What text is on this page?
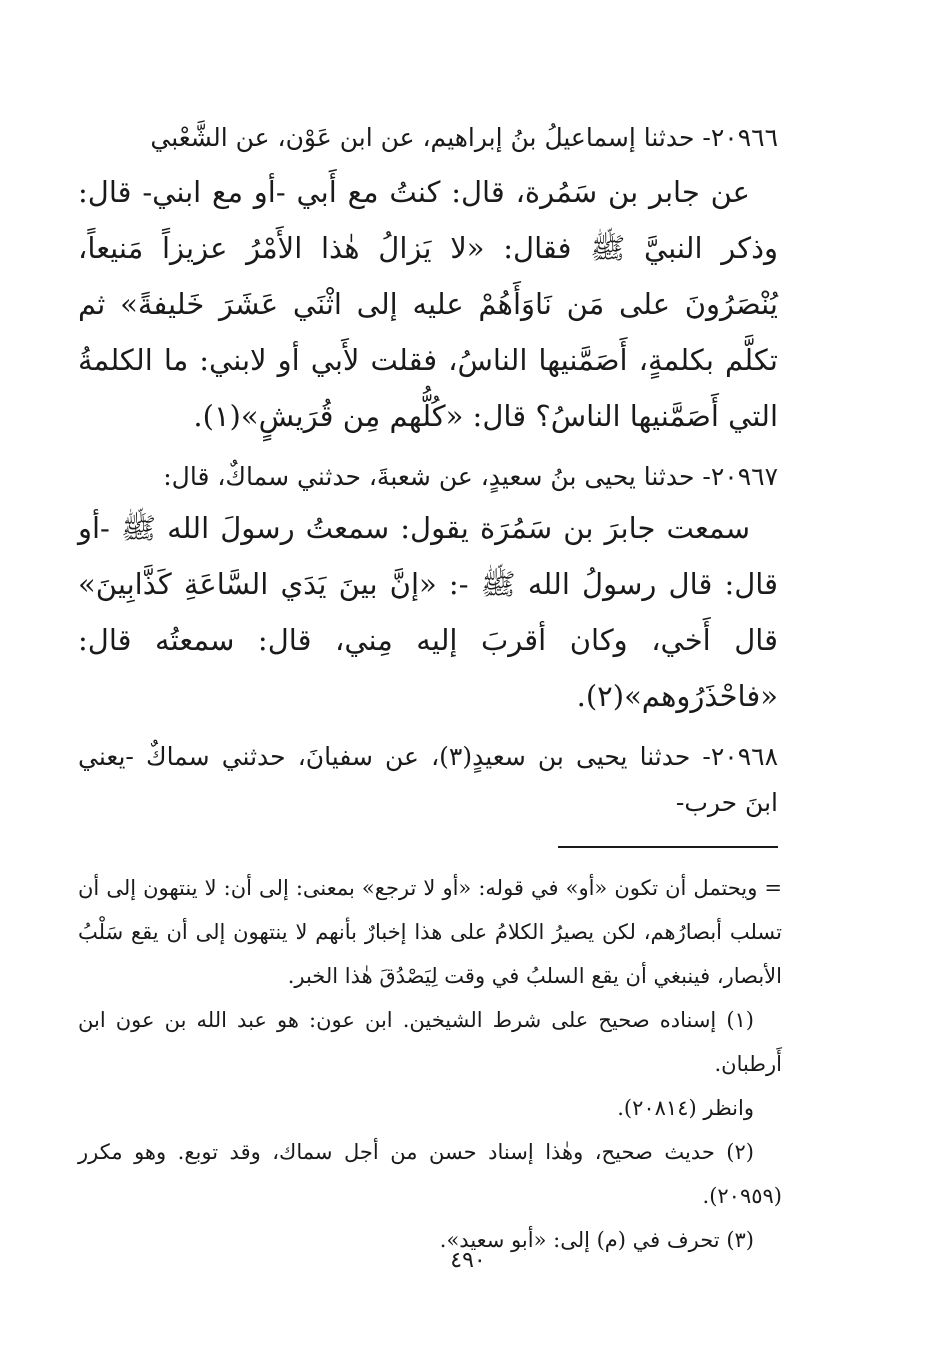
٢٠٩٦٦- حدثنا إسماعيلُ بنُ إبراهيم، عن ابن عَوْن، عن الشَّعْبي

عن جابر بن سَمُرة، قال: كنتُ مع أَبي -أو مع ابني- قال: وذكر النبيَّ ﷺ فقال: «لا يَزالُ هٰذا الأَمْرُ عزيزاً مَنيعاً، يُنْصَرُونَ على مَن نَاوَأَهُمْ عليه إلى اثْنَي عَشَرَ خَليفةً» ثم تكلَّم بكلمةٍ، أَصَمَّنيها الناسُ، فقلت لأَبي أو لابني: ما الكلمةُ التي أَصَمَّنيها الناسُ؟ قال: «كُلُّهم مِن قُرَيشٍ»(١).

٢٠٩٦٧- حدثنا يحيى بنُ سعيدٍ، عن شعبةَ، حدثني سماكٌ، قال:

سمعت جابرَ بن سَمُرَة يقول: سمعتُ رسولَ الله ﷺ -أو قال: قال رسولُ الله ﷺ -: «إنَّ بينَ يَدَي السَّاعَةِ كَذَّابِينَ» قال أَخي، وكان أقربَ إليه مِني، قال: سمعتُه قال: «فاحْذَرُوهم»(٢).

٢٠٩٦٨- حدثنا يحيى بن سعيدٍ(٣)، عن سفيانَ، حدثني سماكٌ -يعني ابنَ حرب-

= ويحتمل أن تكون «أو» في قوله: «أو لا ترجع» بمعنى: إلى أن: لا ينتهون إلى أن تسلب أبصارُهم، لكن يصيرُ الكلامُ على هذا إخبارٌ بأنهم لا ينتهون إلى أن يقع سَلْبُ الأبصار، فينبغي أن يقع السلبُ في وقت لِيَصْدُقَ هٰذا الخبر.

(١) إسناده صحيح على شرط الشيخين. ابن عون: هو عبد الله بن عون ابن أَرطبان.

وانظر (٢٠٨١٤).

(٢) حديث صحيح، وهٰذا إسناد حسن من أجل سماك، وقد توبع. وهو مكرر (٢٠٩٥٩).

(٣) تحرف في (م) إلى: «أبو سعيد».

٤٩٠
